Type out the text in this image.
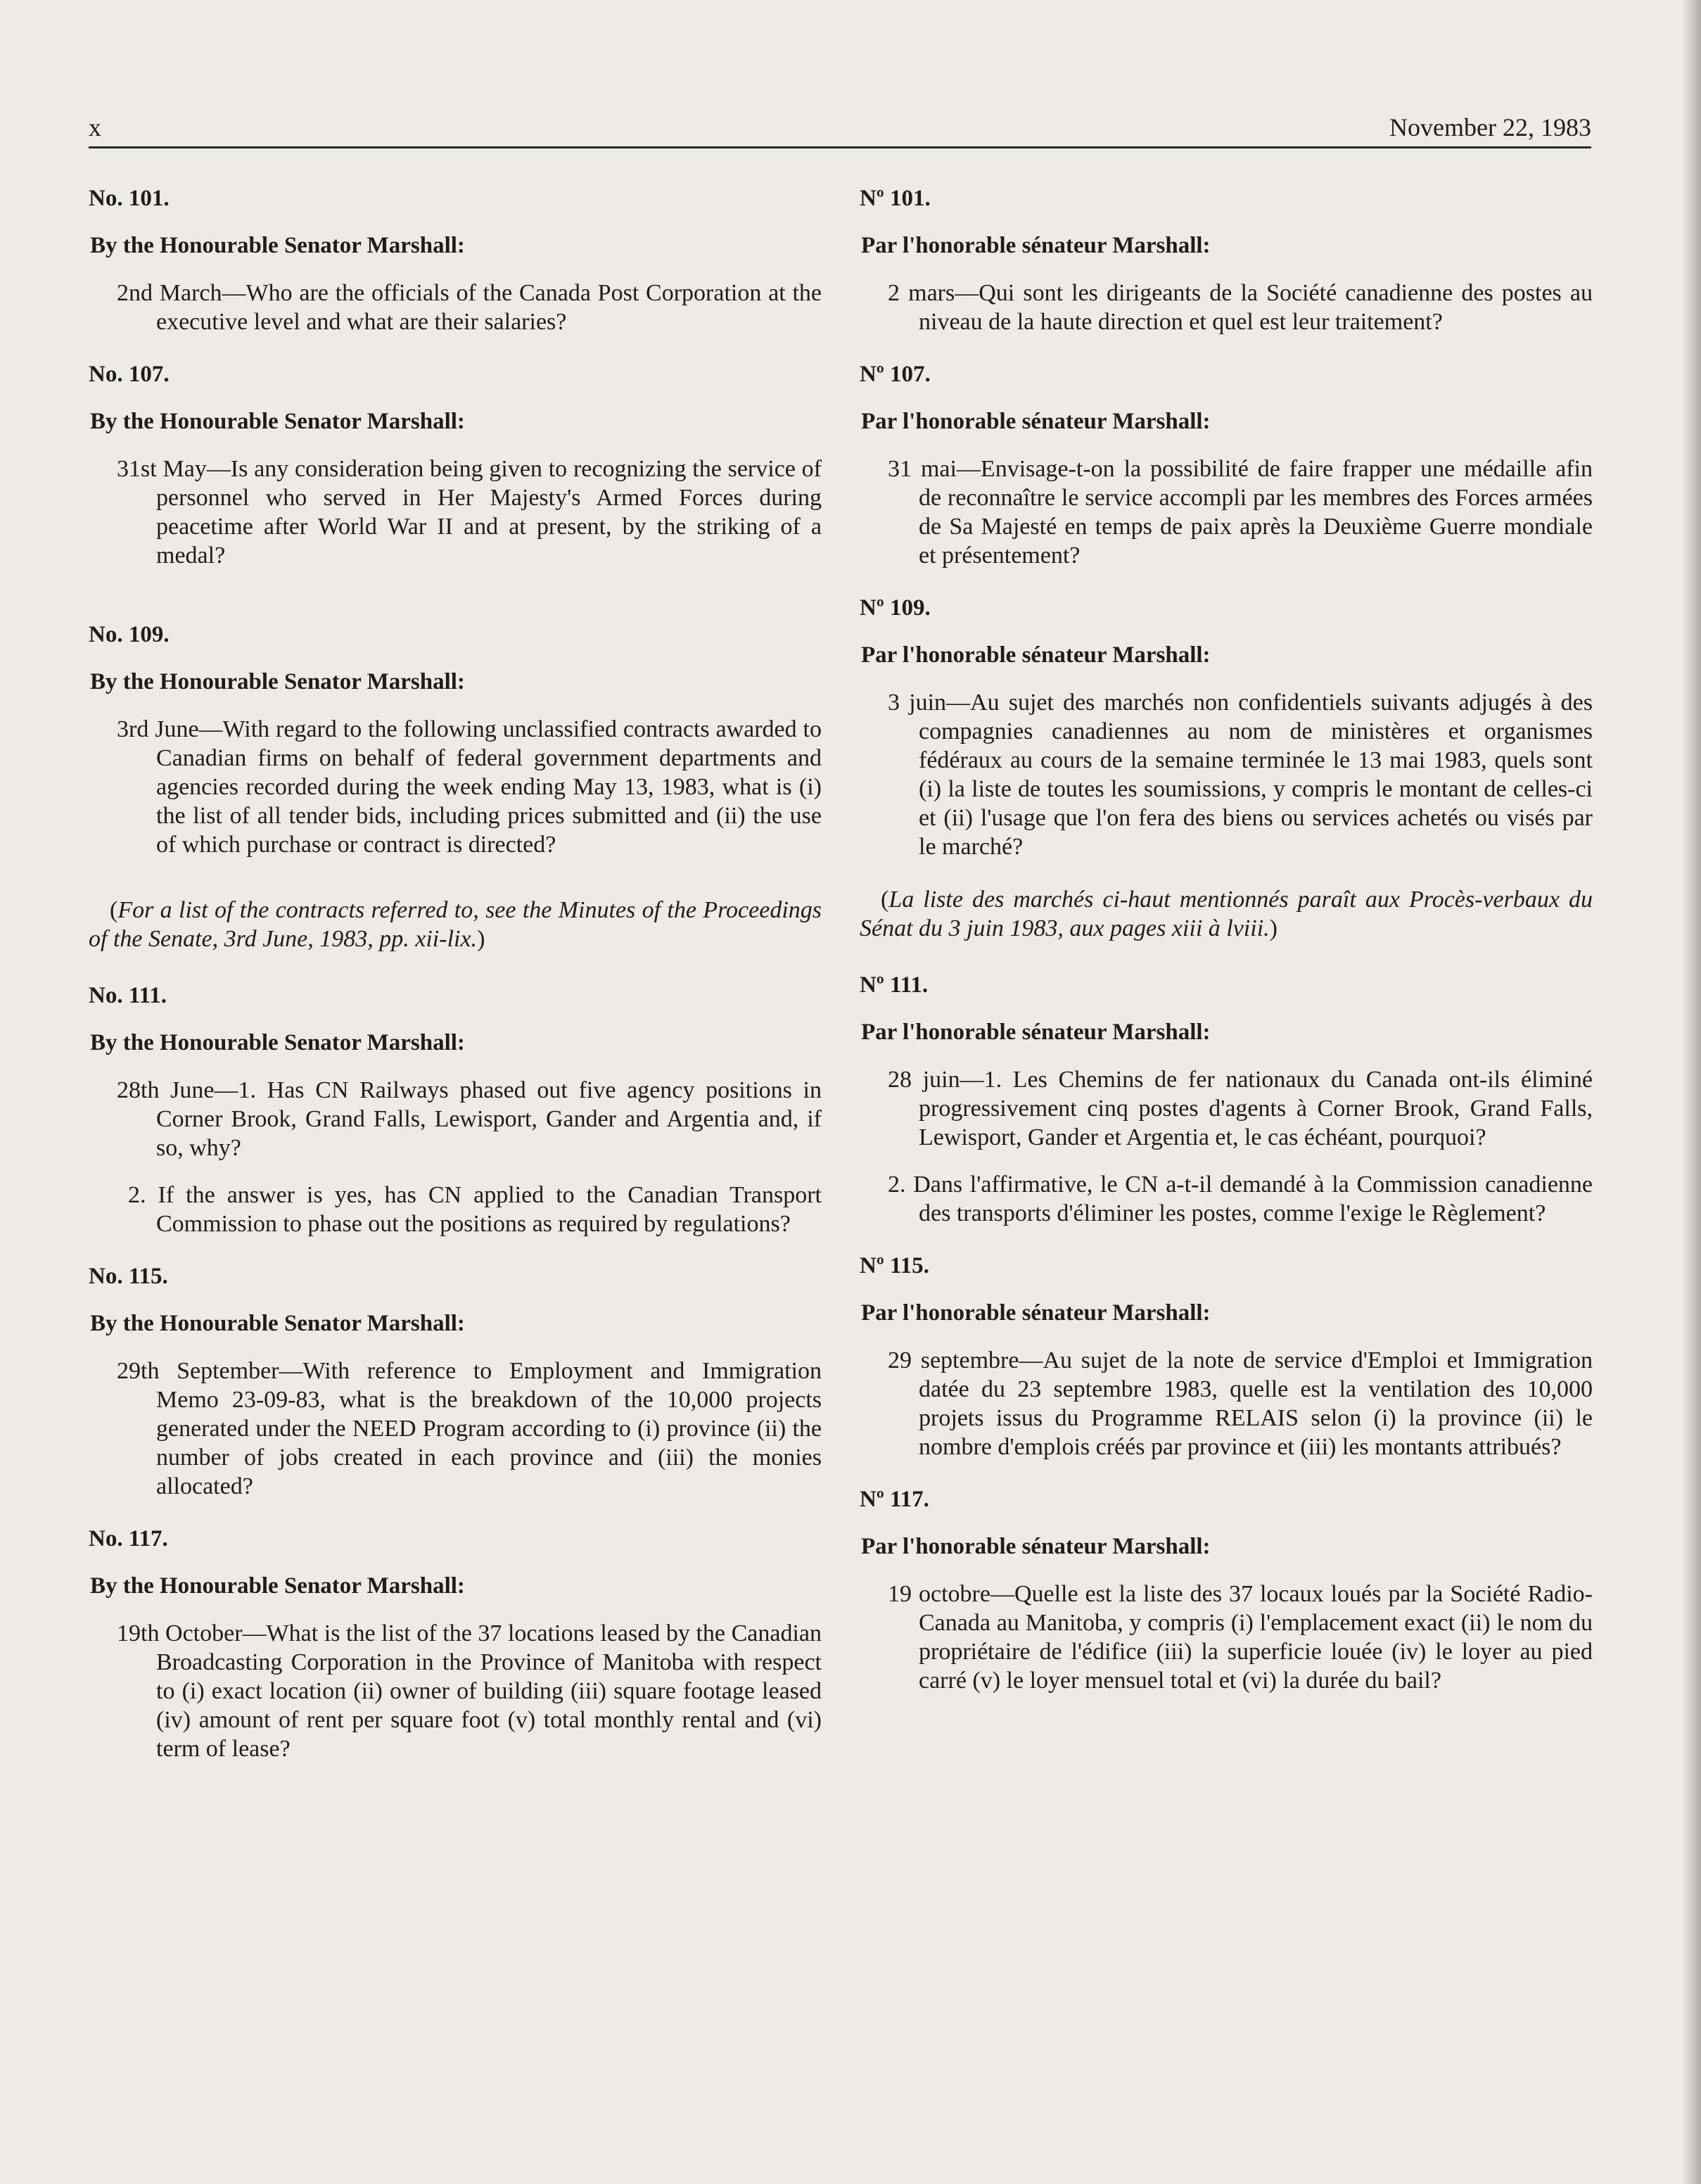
x	November 22, 1983

No. 101.

By the Honourable Senator Marshall:

2nd March—Who are the officials of the Canada Post Corporation at the executive level and what are their salaries?

No. 107.

By the Honourable Senator Marshall:

31st May—Is any consideration being given to recognizing the service of personnel who served in Her Majesty's Armed Forces during peacetime after World War II and at present, by the striking of a medal?

No. 109.

By the Honourable Senator Marshall:

3rd June—With regard to the following unclassified contracts awarded to Canadian firms on behalf of federal government departments and agencies recorded during the week ending May 13, 1983, what is (i) the list of all tender bids, including prices submitted and (ii) the use of which purchase or contract is directed?

(For a list of the contracts referred to, see the Minutes of the Proceedings of the Senate, 3rd June, 1983, pp. xii-lix.)

No. 111.

By the Honourable Senator Marshall:

28th June—1. Has CN Railways phased out five agency positions in Corner Brook, Grand Falls, Lewisport, Gander and Argentia and, if so, why?

2. If the answer is yes, has CN applied to the Canadian Transport Commission to phase out the positions as required by regulations?

No. 115.

By the Honourable Senator Marshall:

29th September—With reference to Employment and Immigration Memo 23-09-83, what is the breakdown of the 10,000 projects generated under the NEED Program according to (i) province (ii) the number of jobs created in each province and (iii) the monies allocated?

No. 117.

By the Honourable Senator Marshall:

19th October—What is the list of the 37 locations leased by the Canadian Broadcasting Corporation in the Province of Manitoba with respect to (i) exact location (ii) owner of building (iii) square footage leased (iv) amount of rent per square foot (v) total monthly rental and (vi) term of lease?

Nº 101.

Par l'honorable sénateur Marshall:

2 mars—Qui sont les dirigeants de la Société canadienne des postes au niveau de la haute direction et quel est leur traitement?

Nº 107.

Par l'honorable sénateur Marshall:

31 mai—Envisage-t-on la possibilité de faire frapper une médaille afin de reconnaître le service accompli par les membres des Forces armées de Sa Majesté en temps de paix après la Deuxième Guerre mondiale et présentement?

Nº 109.

Par l'honorable sénateur Marshall:

3 juin—Au sujet des marchés non confidentiels suivants adjugés à des compagnies canadiennes au nom de ministères et organismes fédéraux au cours de la semaine terminée le 13 mai 1983, quels sont (i) la liste de toutes les soumissions, y compris le montant de celles-ci et (ii) l'usage que l'on fera des biens ou services achetés ou visés par le marché?

(La liste des marchés ci-haut mentionnés paraît aux Procès-verbaux du Sénat du 3 juin 1983, aux pages xiii à lviii.)

Nº 111.

Par l'honorable sénateur Marshall:

28 juin—1. Les Chemins de fer nationaux du Canada ont-ils éliminé progressivement cinq postes d'agents à Corner Brook, Grand Falls, Lewisport, Gander et Argentia et, le cas échéant, pourquoi?

2. Dans l'affirmative, le CN a-t-il demandé à la Commission canadienne des transports d'éliminer les postes, comme l'exige le Règlement?

Nº 115.

Par l'honorable sénateur Marshall:

29 septembre—Au sujet de la note de service d'Emploi et Immigration datée du 23 septembre 1983, quelle est la ventilation des 10,000 projets issus du Programme RELAIS selon (i) la province (ii) le nombre d'emplois créés par province et (iii) les montants attribués?

Nº 117.

Par l'honorable sénateur Marshall:

19 octobre—Quelle est la liste des 37 locaux loués par la Société Radio-Canada au Manitoba, y compris (i) l'emplacement exact (ii) le nom du propriétaire de l'édifice (iii) la superficie louée (iv) le loyer au pied carré (v) le loyer mensuel total et (vi) la durée du bail?
